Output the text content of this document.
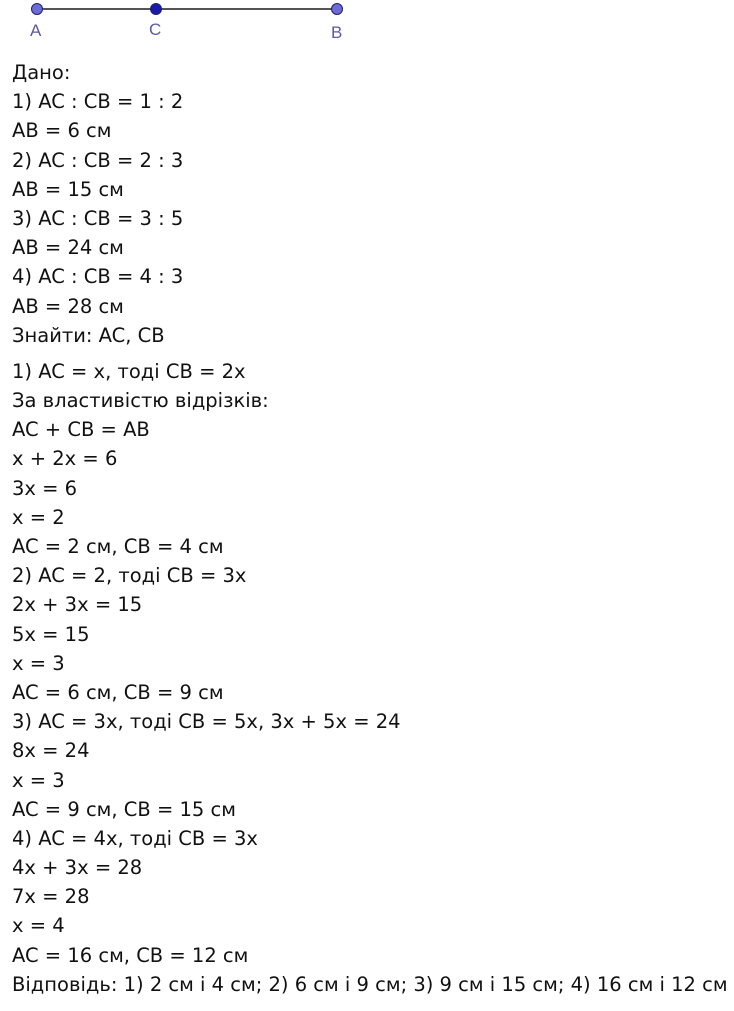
A	C	B
Дано:
1) AC : CB = 1 : 2
AB = 6 см
2) AC : CB = 2 : 3
AB = 15 см
3) AC : CB = 3 : 5
AB = 24 см
4) AC : CB = 4 : 3
AB = 28 см
Знайти: AC, CB
1) AC = x, тоді CB = 2x
За властивістю відрізків:
AC + CB = AB
x + 2x = 6
3x = 6
x = 2
AC = 2 см, CB = 4 см
2) AC = 2, тоді CB = 3x
2x + 3x = 15
5x = 15
x = 3
AC = 6 см, CB = 9 см
3) AC = 3x, тоді CB = 5x, 3x + 5x = 24
8x = 24
x = 3
AC = 9 см, CB = 15 см
4) AC = 4x, тоді CB = 3x
4x + 3x = 28
7x = 28
x = 4
AC = 16 см, CB = 12 см
Відповідь: 1) 2 см і 4 см; 2) 6 см і 9 см; 3) 9 см і 15 см; 4) 16 см і 12 см
